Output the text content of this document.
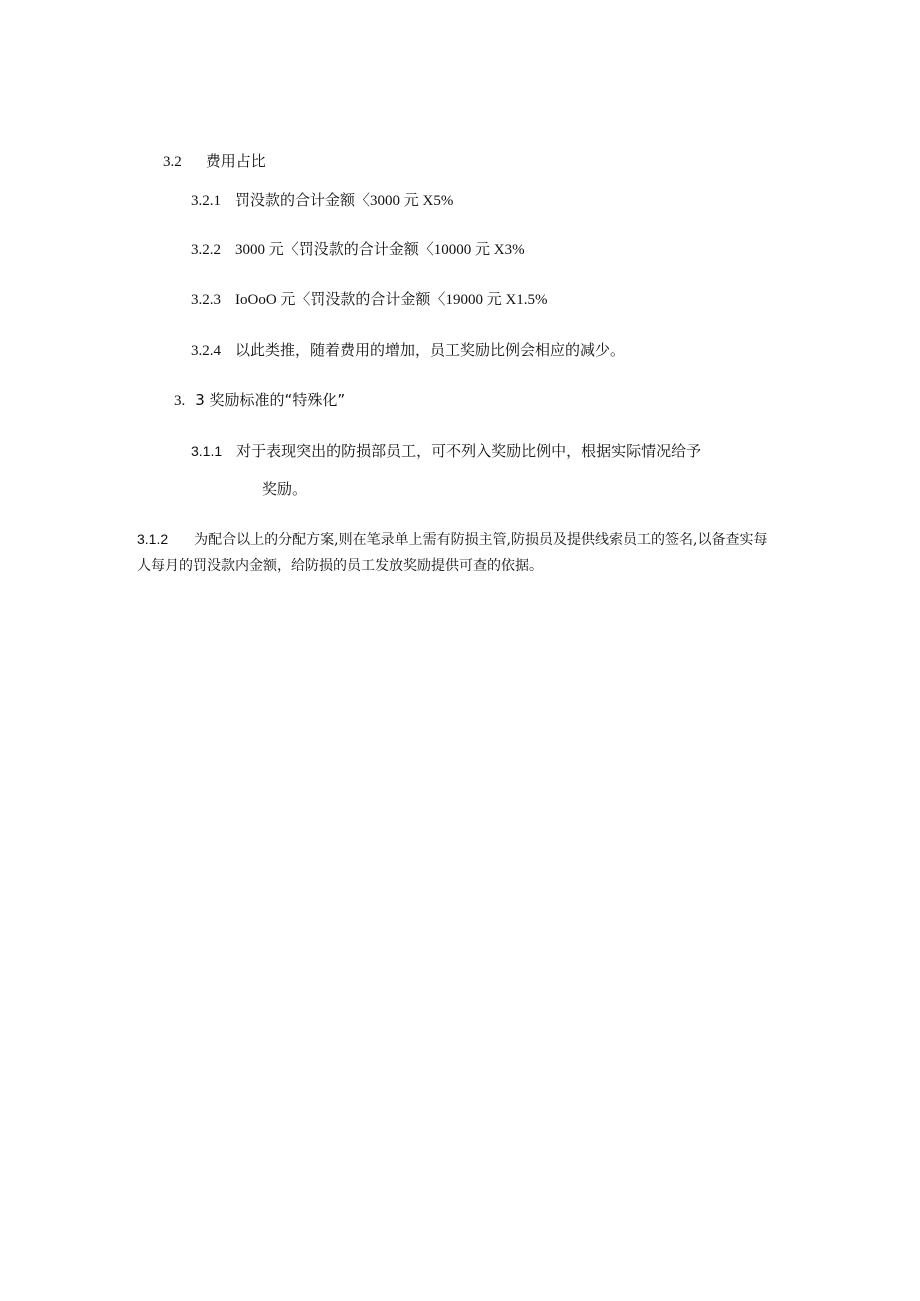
3.2 费用占比
3.2.1 罚没款的合计金额〈3000 元 X5%
3.2.2 3000 元〈罚没款的合计金额〈10000 元 X3%
3.2.3 IoOoO 元〈罚没款的合计金额〈19000 元 X1.5%
3.2.4 以此类推，随着费用的增加，员工奖励比例会相应的减少。
3. 3 奖励标准的“特殊化”
3.1.1 对于表现突出的防损部员工，可不列入奖励比例中，根据实际情况给予
奖励。
3.1.2 为配合以上的分配方案,则在笔录单上需有防损主管,防损员及提供线索员工的签名,以备查实每人每月的罚没款内金额，给防损的员工发放奖励提供可查的依据。
